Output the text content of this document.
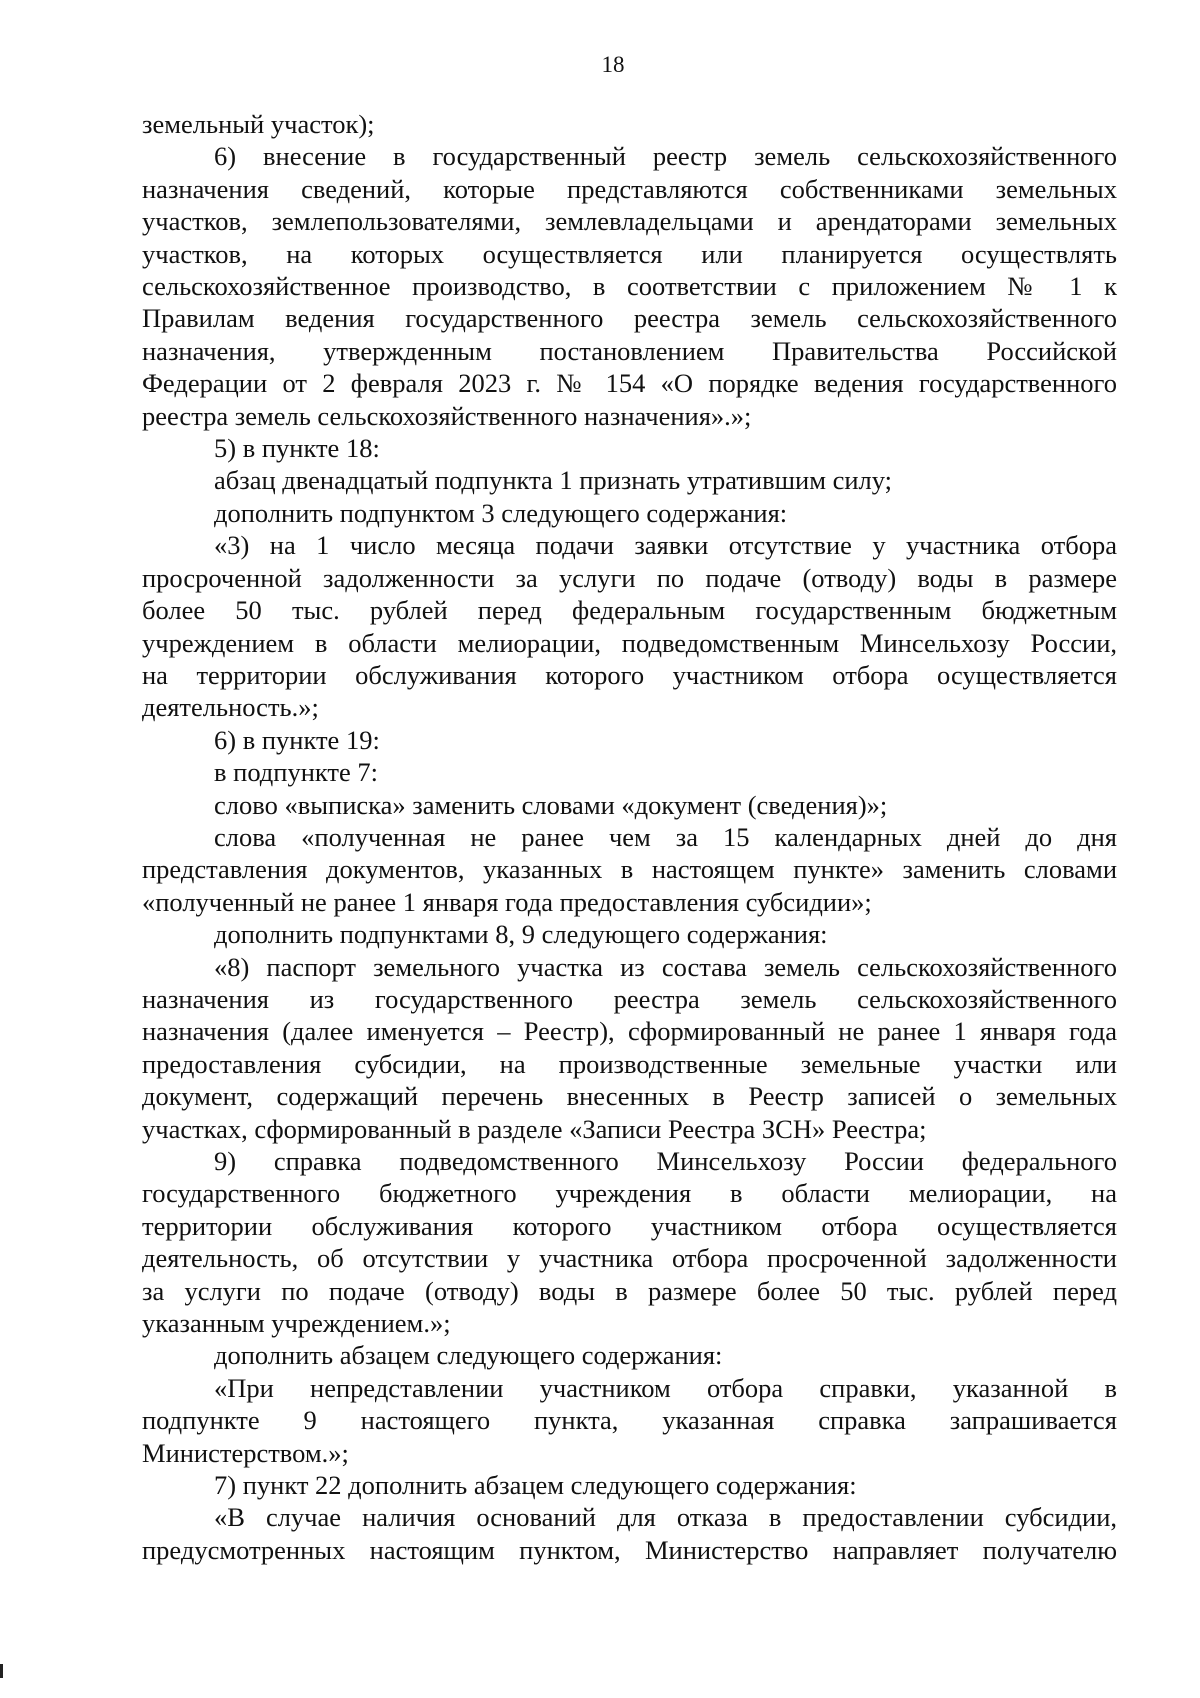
18

земельный участок);

6) внесение в государственный реестр земель сельскохозяйственного

назначения сведений, которые представляются собственниками земельных

участков, землепользователями, землевладельцами и арендаторами земельных

участков, на которых осуществляется или планируется осуществлять

сельскохозяйственное производство, в соответствии с приложением № 1 к

Правилам ведения государственного реестра земель сельскохозяйственного

назначения, утвержденным постановлением Правительства Российской

Федерации от 2 февраля 2023 г. № 154 «О порядке ведения государственного

реестра земель сельскохозяйственного назначения».»;

5) в пункте 18:

абзац двенадцатый подпункта 1 признать утратившим силу;

дополнить подпунктом 3 следующего содержания:

«3) на 1 число месяца подачи заявки отсутствие у участника отбора

просроченной задолженности за услуги по подаче (отводу) воды в размере

более 50 тыс. рублей перед федеральным государственным бюджетным

учреждением в области мелиорации, подведомственным Минсельхозу России,

на территории обслуживания которого участником отбора осуществляется

деятельность.»;

6) в пункте 19:

в подпункте 7:

слово «выписка» заменить словами «документ (сведения)»;

слова «полученная не ранее чем за 15 календарных дней до дня

представления документов, указанных в настоящем пункте» заменить словами

«полученный не ранее 1 января года предоставления субсидии»;

дополнить подпунктами 8, 9 следующего содержания:

«8) паспорт земельного участка из состава земель сельскохозяйственного

назначения из государственного реестра земель сельскохозяйственного

назначения (далее именуется – Реестр), сформированный не ранее 1 января года

предоставления субсидии, на производственные земельные участки или

документ, содержащий перечень внесенных в Реестр записей о земельных

участках, сформированный в разделе «Записи Реестра ЗСН» Реестра;

9) справка подведомственного Минсельхозу России федерального

государственного бюджетного учреждения в области мелиорации, на

территории обслуживания которого участником отбора осуществляется

деятельность, об отсутствии у участника отбора просроченной задолженности

за услуги по подаче (отводу) воды в размере более 50 тыс. рублей перед

указанным учреждением.»;

дополнить абзацем следующего содержания:

«При непредставлении участником отбора справки, указанной в

подпункте 9 настоящего пункта, указанная справка запрашивается

Министерством.»;

7) пункт 22 дополнить абзацем следующего содержания:

«В случае наличия оснований для отказа в предоставлении субсидии,

предусмотренных настоящим пунктом, Министерство направляет получателю
